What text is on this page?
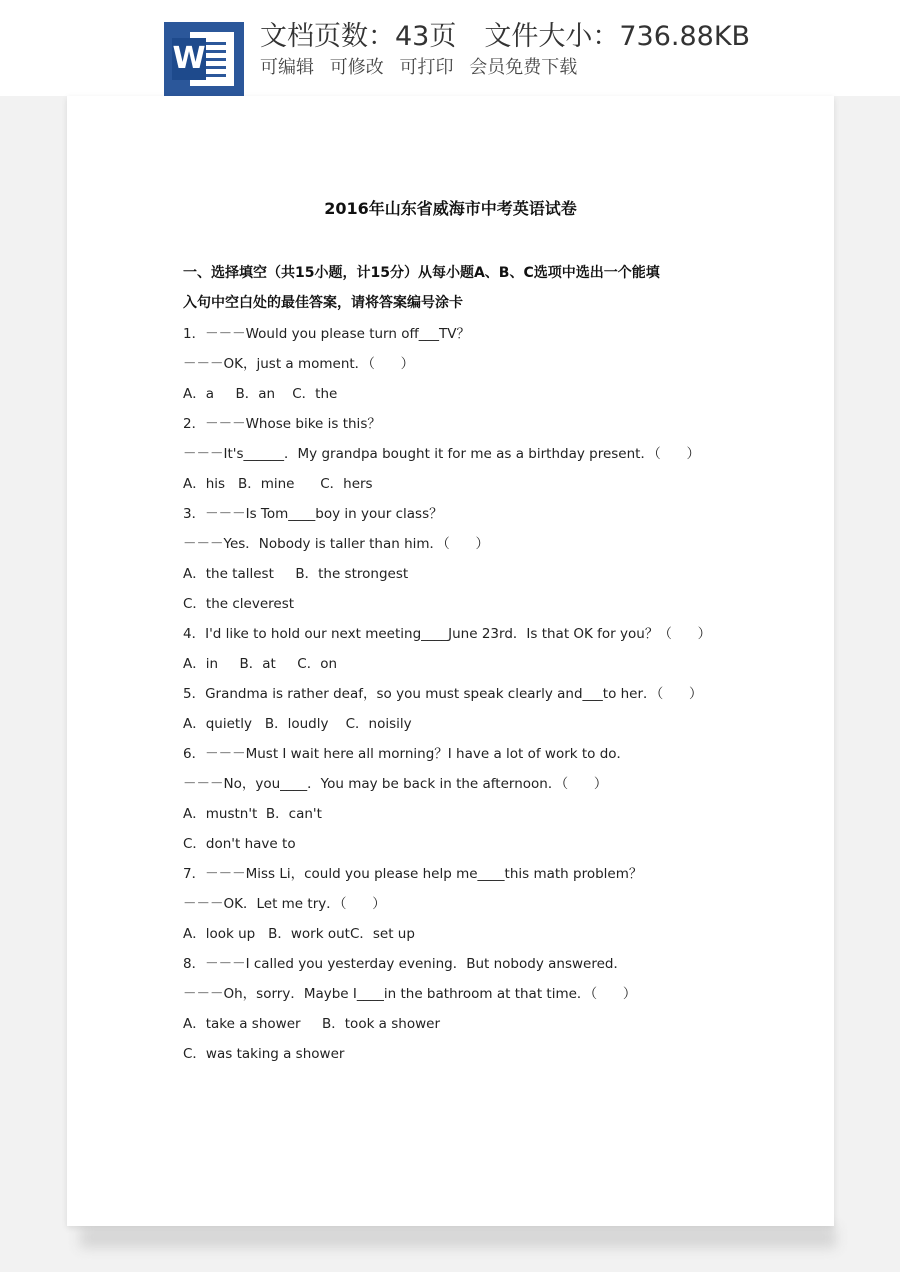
W
文档页数：43页 文件大小：736.88KB
可编辑 可修改 可打印 会员免费下载
2016年山东省威海市中考英语试卷
一、选择填空（共15小题，计15分）从每小题A、B、C选项中选出一个能填
入句中空白处的最佳答案，请将答案编号涂卡
1．－－－Would you please turn off___TV？
－－－OK，just a moment．（      ）
A．a     B．an    C．the
2．－－－Whose bike is this？
－－－It's______．My grandpa bought it for me as a birthday present．（      ）
A．his   B．mine      C．hers
3．－－－Is Tom____boy in your class？
－－－Yes．Nobody is taller than him．（      ）
A．the tallest     B．the strongest
C．the cleverest
4．I'd like to hold our next meeting____June 23rd．Is that OK for you？（      ）
A．in     B．at     C．on
5．Grandma is rather deaf，so you must speak clearly and___to her．（      ）
A．quietly   B．loudly    C．noisily
6．－－－Must I wait here all morning？I have a lot of work to do．
－－－No，you____．You may be back in the afternoon．（      ）
A．mustn't  B．can't
C．don't have to
7．－－－Miss Li，could you please help me____this math problem？
－－－OK．Let me try．（      ）
A．look up   B．work outC．set up
8．－－－I called you yesterday evening．But nobody answered．
－－－Oh，sorry．Maybe I____in the bathroom at that time．（      ）
A．take a shower     B．took a shower
C．was taking a shower
